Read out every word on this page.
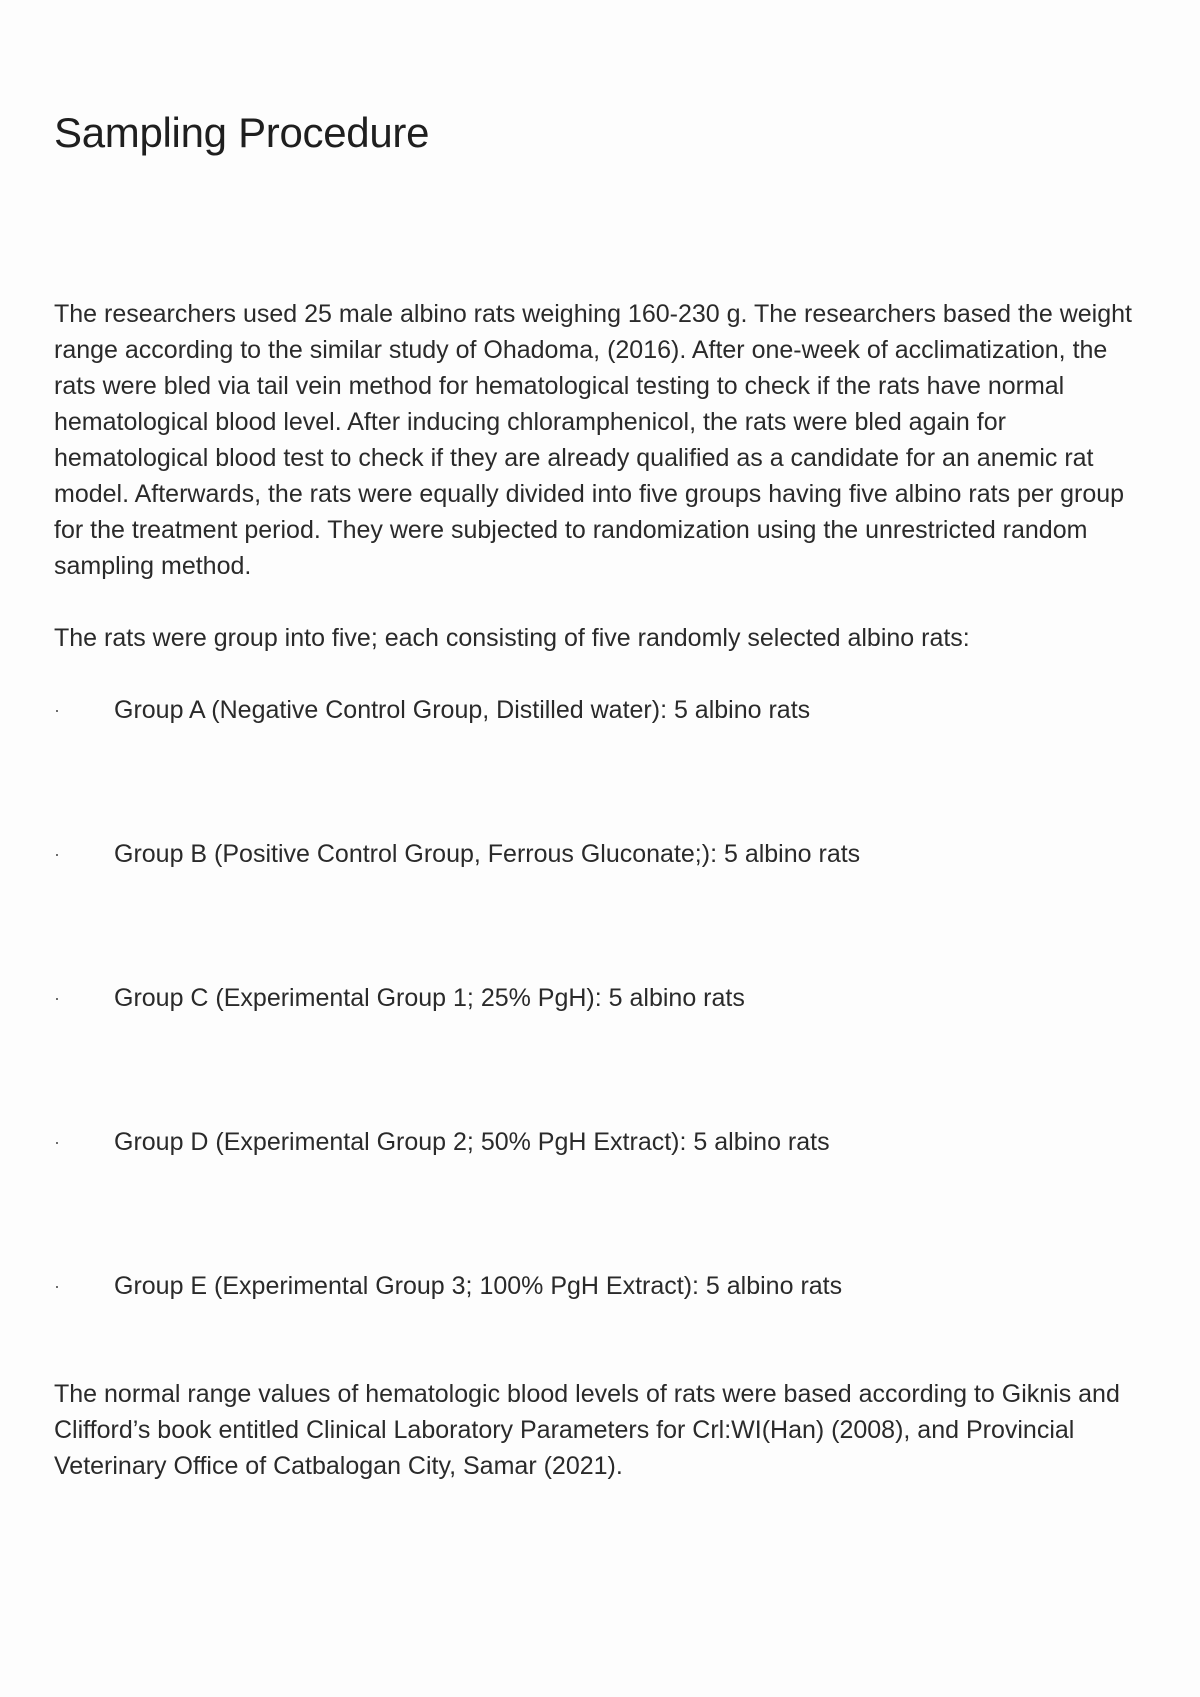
Sampling Procedure

The researchers used 25 male albino rats weighing 160-230 g. The researchers based the weight range according to the similar study of Ohadoma, (2016). After one-week of acclimatization, the rats were bled via tail vein method for hematological testing to check if the rats have normal hematological blood level. After inducing chloramphenicol, the rats were bled again for hematological blood test to check if they are already qualified as a candidate for an anemic rat model. Afterwards, the rats were equally divided into five groups having five albino rats per group for the treatment period. They were subjected to randomization using the unrestricted random sampling method.

The rats were group into five; each consisting of five randomly selected albino rats:

·	Group A (Negative Control Group, Distilled water): 5 albino rats
·	Group B (Positive Control Group, Ferrous Gluconate;): 5 albino rats
·	Group C (Experimental Group 1; 25% PgH): 5 albino rats
·	Group D (Experimental Group 2; 50% PgH Extract): 5 albino rats
·	Group E (Experimental Group 3; 100% PgH Extract): 5 albino rats

The normal range values of hematologic blood levels of rats were based according to Giknis and Clifford’s book entitled Clinical Laboratory Parameters for Crl:WI(Han) (2008), and Provincial Veterinary Office of Catbalogan City, Samar (2021).
